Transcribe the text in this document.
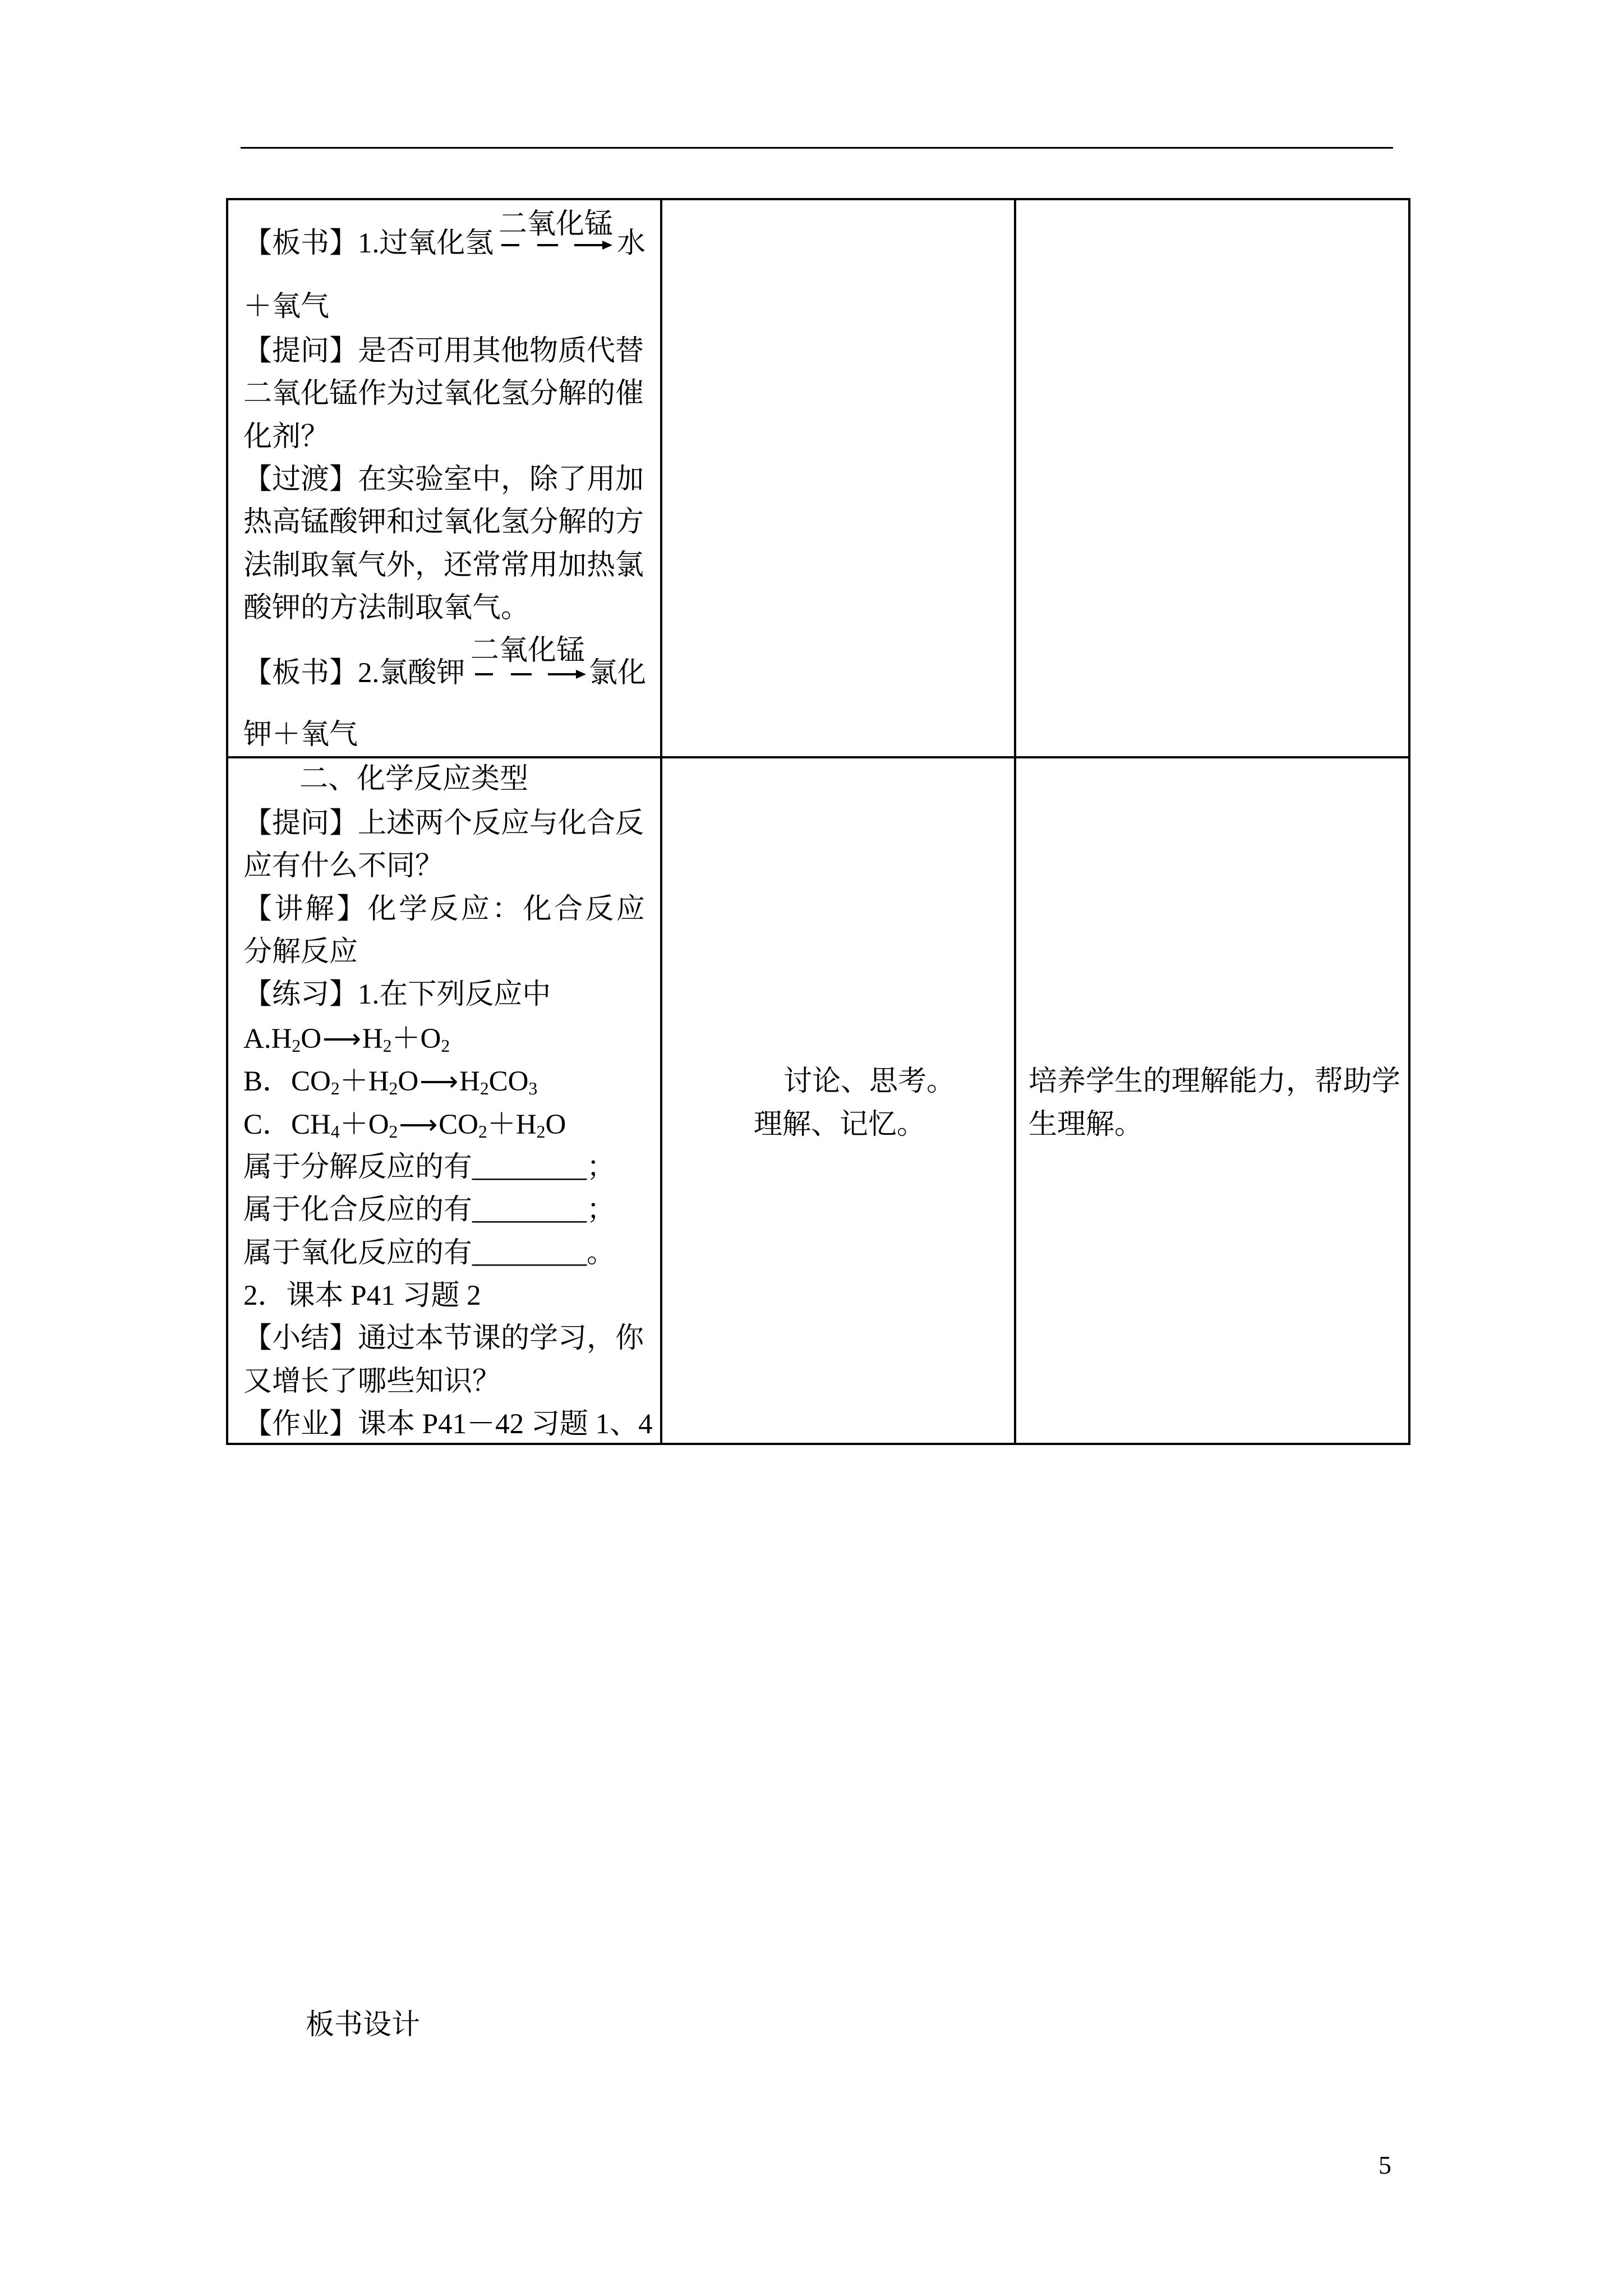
【板书】1.过氧化氢
二氧化锰
水
＋氧气
【提问】是否可用其他物质代替
二氧化锰作为过氧化氢分解的催
化剂？
【过渡】在实验室中，除了用加
热高锰酸钾和过氧化氢分解的方
法制取氧气外，还常常用加热氯
酸钾的方法制取氧气。
【板书】2.氯酸钾
二氧化锰
氯化
钾＋氧气
二、化学反应类型
【提问】上述两个反应与化合反
应有什么不同？
【讲解】化学反应：化合反应
分解反应
【练习】1.在下列反应中
$A.H_2O⟶H_2+O_2$
B．$CO_2+H_2O⟶H_2CO_3$
C．$CH_4+O_2⟶CO_2+H_2O$
属于分解反应的有________；
属于化合反应的有________；
属于氧化反应的有________。
2．课本 P41 习题 2
【小结】通过本节课的学习，你
又增长了哪些知识？
【作业】课本 P41－42 习题 1、4
讨论、思考。
理解、记忆。
培养学生的理解能力，帮助学
生理解。
板书设计
5
